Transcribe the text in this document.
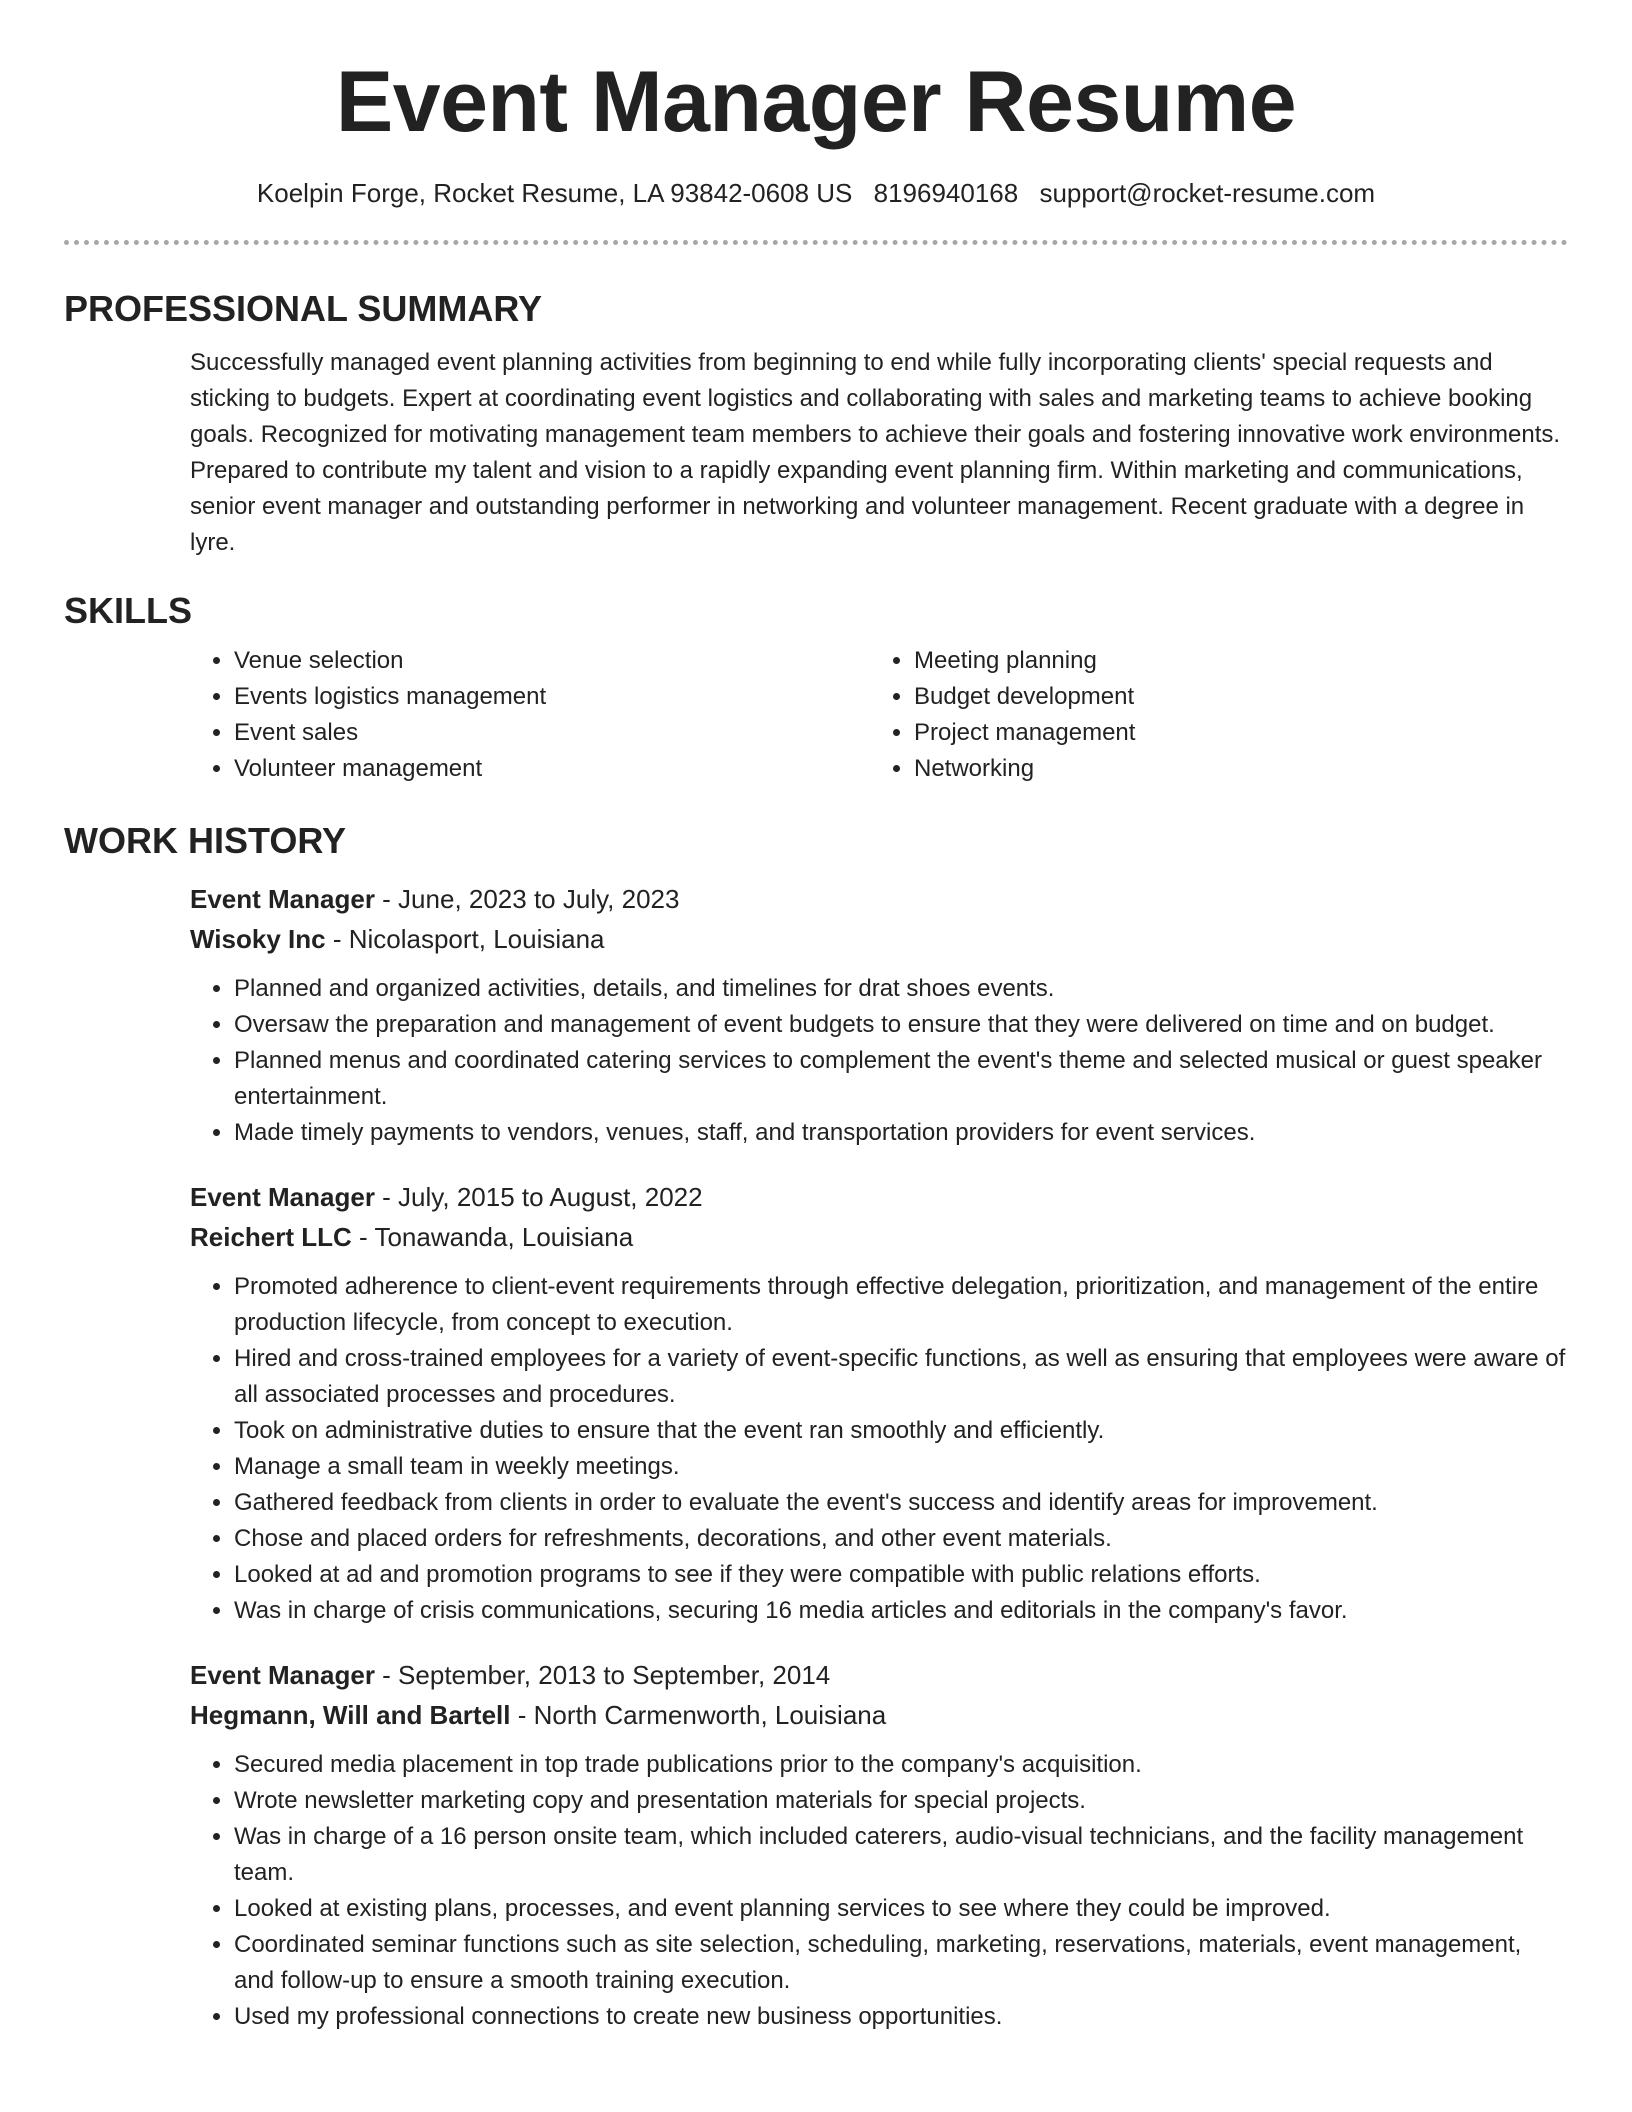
Event Manager Resume
Koelpin Forge, Rocket Resume, LA 93842-0608 US 8196940168 support@rocket-resume.com
PROFESSIONAL SUMMARY

Successfully managed event planning activities from beginning to end while fully incorporating clients' special requests and sticking to budgets. Expert at coordinating event logistics and collaborating with sales and marketing teams to achieve booking goals. Recognized for motivating management team members to achieve their goals and fostering innovative work environments. Prepared to contribute my talent and vision to a rapidly expanding event planning firm. Within marketing and communications, senior event manager and outstanding performer in networking and volunteer management. Recent graduate with a degree in lyre.

SKILLS
• Venue selection
• Events logistics management
• Event sales
• Volunteer management
• Meeting planning
• Budget development
• Project management
• Networking
WORK HISTORY
Event Manager - June, 2023 to July, 2023
Wisoky Inc - Nicolasport, Louisiana
• Planned and organized activities, details, and timelines for drat shoes events.
• Oversaw the preparation and management of event budgets to ensure that they were delivered on time and on budget.
• Planned menus and coordinated catering services to complement the event's theme and selected musical or guest speaker entertainment.
• Made timely payments to vendors, venues, staff, and transportation providers for event services.
Event Manager - July, 2015 to August, 2022
Reichert LLC - Tonawanda, Louisiana
• Promoted adherence to client-event requirements through effective delegation, prioritization, and management of the entire production lifecycle, from concept to execution.
• Hired and cross-trained employees for a variety of event-specific functions, as well as ensuring that employees were aware of all associated processes and procedures.
• Took on administrative duties to ensure that the event ran smoothly and efficiently.
• Manage a small team in weekly meetings.
• Gathered feedback from clients in order to evaluate the event's success and identify areas for improvement.
• Chose and placed orders for refreshments, decorations, and other event materials.
• Looked at ad and promotion programs to see if they were compatible with public relations efforts.
• Was in charge of crisis communications, securing 16 media articles and editorials in the company's favor.
Event Manager - September, 2013 to September, 2014
Hegmann, Will and Bartell - North Carmenworth, Louisiana
• Secured media placement in top trade publications prior to the company's acquisition.
• Wrote newsletter marketing copy and presentation materials for special projects.
• Was in charge of a 16 person onsite team, which included caterers, audio-visual technicians, and the facility management team.
• Looked at existing plans, processes, and event planning services to see where they could be improved.
• Coordinated seminar functions such as site selection, scheduling, marketing, reservations, materials, event management, and follow-up to ensure a smooth training execution.
• Used my professional connections to create new business opportunities.
